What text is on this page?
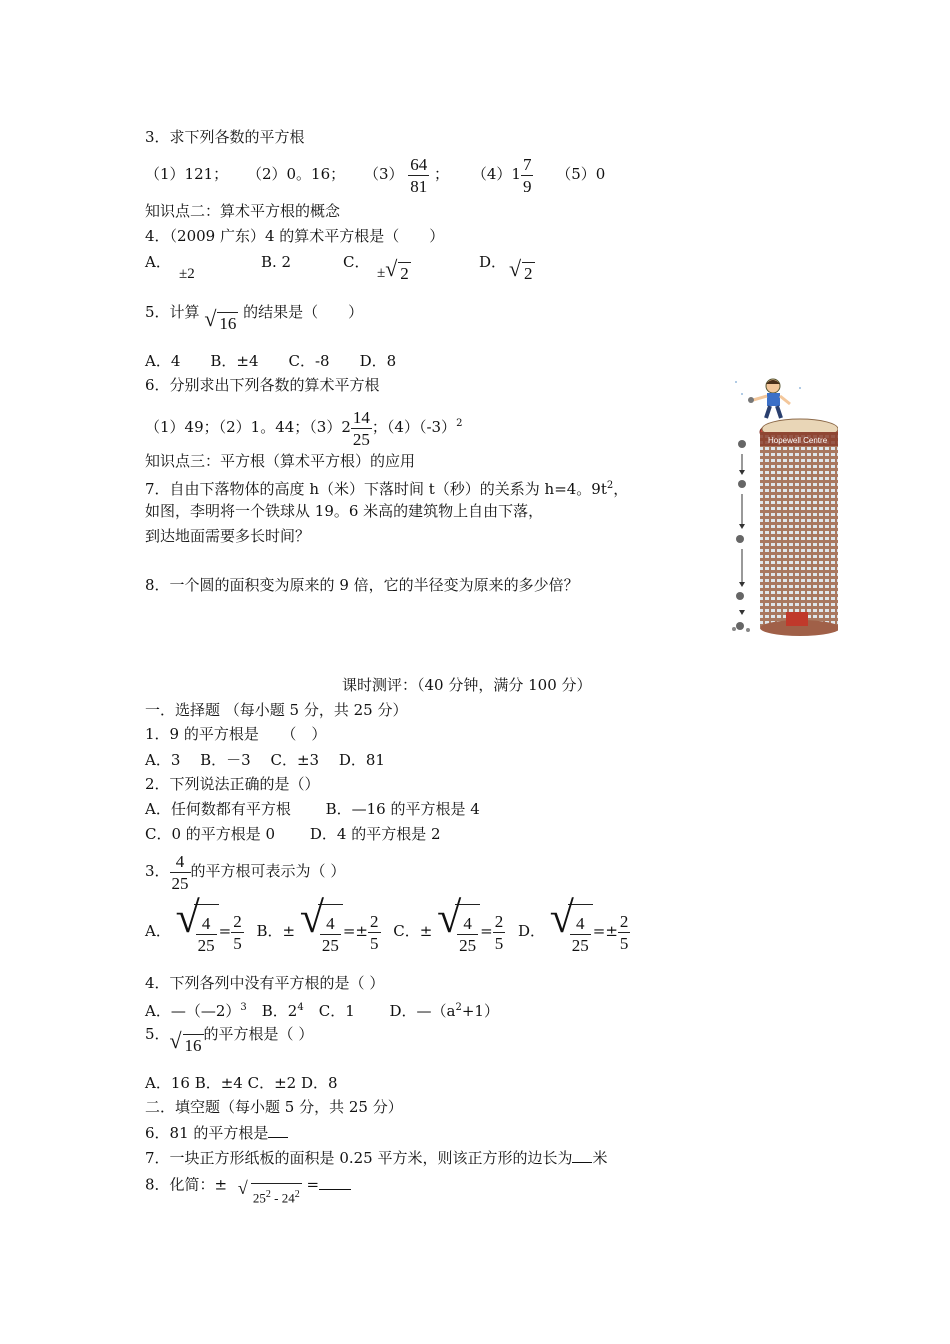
3．求下列各数的平方根
（1）121； （2）0。16； $(3) \frac{64}{81}$ ； $(4)1 \frac{7}{9} (5)0$
知识点二：算术平方根的概念
4．（2009 广东）4 的算术平方根是（　　）
A．
±2
B. 2	C．
± √ 2
D． √ 2
5．计算 √ 16 的结果是（　　）
A．4　　B．±4　　C．-8　　D．8
6．分别求出下列各数的算术平方根
（1）49；（2）1。44；$(3)2 \frac{14}{25}$ ；$(4)(-3)^2$
知识点三：平方根（算术平方根）的应用
7．自由下落物体的高度 h（米）下落时间 t（秒）的关系为 h=4。$9t^2$，
如图，李明将一个铁球从 19。6 米高的建筑物上自由下落，
到达地面需要多长时间？
8．一个圆的面积变为原来的 9 倍，它的半径变为原来的多少倍？
Hopewell Centre
课时测评：（40 分钟，满分 100 分）
一．选择题 （每小题 5 分，共 25 分）
1．9 的平方根是　　（　）
A．3　 B．－3　 C．±3　 D．81
2．下列说法正确的是（）
A．任何数都有平方根　　 B．—16 的平方根是 4
C．0 的平方根是 0　　 D．4 的平方根是 2
3． $\frac{4}{25}$ 的平方根可表示为（ ）
A． √
$\frac{4}{25} = \frac{2}{5}$ B．± √
$\frac{4}{25} =\pm \frac{2}{5}$ C．± √
$\frac{4}{25} = \frac{2}{5}$ D． √
$\frac{4}{25} =\pm \frac{2}{5}$
4．下列各列中没有平方根的是（ ）
A．—（—2）$^3$　B．$2^4$　C．1　　 D．$—(a^2+1)$
5． √ 16的平方根是（ ）
A．16 B．±4 C．±2 D．8
二．填空题（每小题 5 分，共 25 分）
6．81 的平方根是
7．一块正方形纸板的面积是 0.25 平方米，则该正方形的边长为 米
8．化简：± √ $25^2 - 24^2$ =
